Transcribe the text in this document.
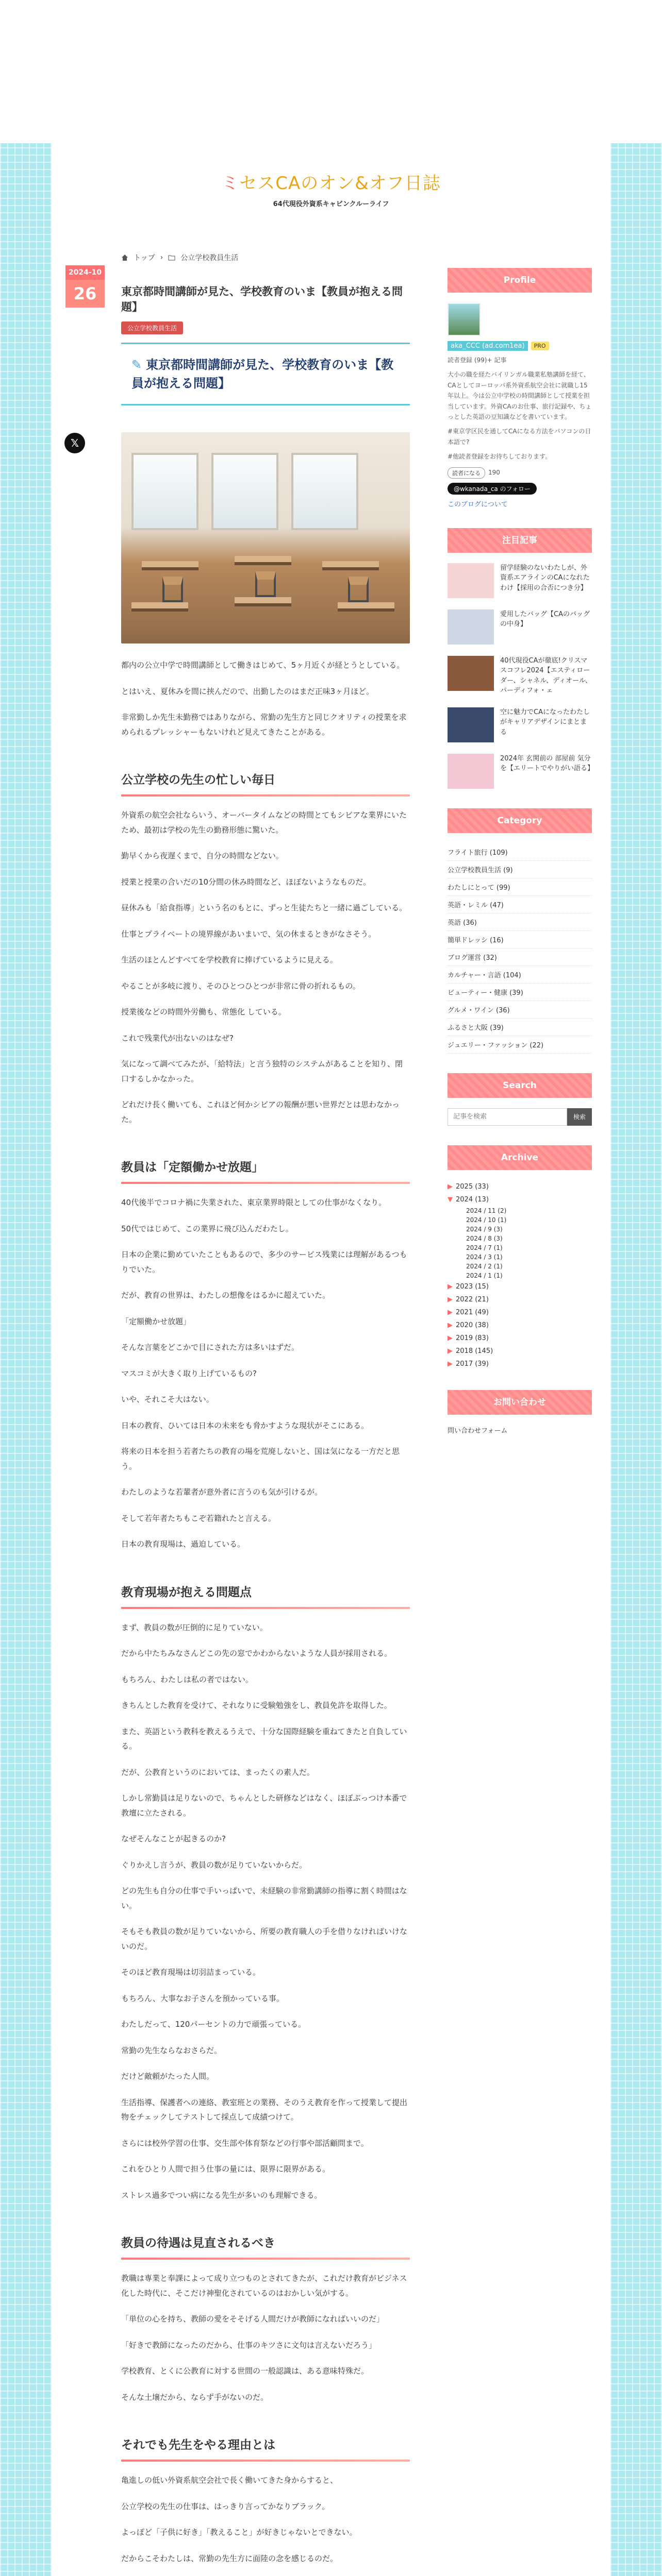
ミセスCAのオン&オフ日誌
64代現役外資系キャビンクルーライフ
トップ › 公立学校教員生活
2024-10
26
𝕏
東京都時間講師が見た、学校教育のいま【教員が抱える問題】
公立学校教員生活
✎ 東京都時間講師が見た、学校教育のいま【教員が抱える問題】

都内の公立中学で時間講師として働きはじめて、5ヶ月近くが経とうとしている。

とはいえ、夏休みを間に挟んだので、出勤したのはまだ正味3ヶ月ほど。

非常勤しか先生未勤務ではありながら、常勤の先生方と同じクオリティの授業を求められるプレッシャーもないけれど見えてきたことがある。

公立学校の先生の忙しい毎日

外資系の航空会社ならいう、オーバータイムなどの時間とてもシビアな業界にいたため、最初は学校の先生の勤務形態に驚いた。

勤早くから夜遅くまで、自分の時間などない。

授業と授業の合いだの10分間の休み時間など、ほぼないようなものだ。

昼休みも「給食指導」という名のもとに、ずっと生徒たちと一緒に過ごしている。

仕事とプライベートの境界線があいまいで、気の休まるときがなさそう。

生活のほとんどすべてを学校教育に捧げているように見える。

やることが多岐に渡り、そのひとつひとつが非常に骨の折れるもの。

授業後などの時間外労働も、常態化 している。

これで残業代が出ないのはなぜ?

気になって調べてみたが、「給特法」と言う独特のシステムがあることを知り、閉口するしかなかった。

どれだけ長く働いても、これほど何かシビアの報酬が悪い世界だとは思わなかった。

教員は「定額働かせ放題」

40代後半でコロナ禍に失業された、東京業界時限としての仕事がなくなり。

50代ではじめて、この業界に飛び込んだわたし。

日本の企業に勤めていたこともあるので、多少のサービス残業には理解があるつもりでいた。

だが、教育の世界は、わたしの想像をはるかに超えていた。

「定額働かせ放題」

そんな言葉をどこかで目にされた方は多いはずだ。

マスコミが大きく取り上げているもの?

いや、それこそ大はない。

日本の教育、ひいては日本の未来をも脅かすような現状がそこにある。

将来の日本を担う若者たちの教育の場を荒廃しないと、国は気になる一方だと思う。

わたしのような若輩者が意外者に言うのも気が引けるが。

そして若年者たちもこぞ若籍れたと言える。

日本の教育現場は、過迫している。

教育現場が抱える問題点

まず、教員の数が圧倒的に足りていない。

だから中たちみなさんどこの先の窓でかわからないような人員が採用される。

もちろん、わたしは私の者ではない。

きちんとした教育を受けて、それなりに受験勉強をし、教員免許を取得した。

また、英語という教科を教えるうえで、十分な国際経験を重ねてきたと自負している。

だが、公教育というのにおいては、まったくの素人だ。

しかし常勤員は足りないので、ちゃんとした研修などはなく、ほぼぶっつけ本番で教壇に立たされる。

なぜそんなことが起きるのか?

ぐりかえし言うが、教員の数が足りていないからだ。

どの先生も自分の仕事で手いっぱいで、未経験の非常勤講師の指導に割く時間はない。

そもそも教員の数が足りていないから、所要の教育職人の手を借りなければいけないのだ。

そのほど教育現場は切羽詰まっている。

もちろん、大事なお子さんを預かっている事。

わたしだって、120パーセントの力で頑張っている。

常勤の先生ならなおさらだ。

だけど敵頼がたった人間。

生活指導、保護者への連絡、教室班との業務、そのうえ教育を作って授業して提出物をチェックしてテストして採点して成績つけて。

さらには校外学習の仕事、交生部や体育祭などの行事や部活顧問まで。

これをひとり人間で担う仕事の量には、限界に限界がある。

ストレス過多でつい病になる先生が多いのも理解できる。

教員の待遇は見直されるべき

教職は専業と奉課によって成り立つものとされてきたが、これだけ教育がビジネス化した時代に、そこだけ神聖化されているのはおかしい気がする。

「単位の心を持ち、教師の愛をそそげる人間だけが教師になればいいのだ」

「好きで教師になったのだから、仕事のキツさに文句は言えないだろう」

学校教育、とくに公教育に対する世間の一般認識は、ある意味特殊だ。

そんな土壌だから、ならず手がないのだ。

それでも先生をやる理由とは

亀進しの低い外資系航空会社で長く働いてきた身からすると、

公立学校の先生の仕事は、はっきり言ってかなりブラック。

よっぽど「子供に好き」「教えること」が好きじゃないとできない。

だからこそわたしは、常勤の先生方に面陸の念を感じるのだ。

Profile
aka_CCC (ad.com1ea)	PRO
読者登録 (99)+ 記事
大小の職を経たバイリンガル職業私塾講師を経て、CAとしてヨーロッパ系外資系航空会社に就職し15年以上。今は公立中学校の時間講師として授業を担当しています。外資CAのお仕事、旅行記録や、ちょっとした英語の豆知識などを書いています。
#東京学区民を通してCAになる方法をパソコンの日本語で?
#他読者登録をお待ちしております。
読者になる	190
@wkanada_ca のフォロー
このブログについて
注目記事
留学経験のないわたしが、外資系エアラインのCAになれたわけ【採用の合否につき分】
愛用したバッグ【CAのバッグの中身】
40代現役CAが徹底!クリスマスコフレ2024【エスティローダー、シャネル、ディオール、パーディフォ・ェ
空に魅力でCAになったわたしがキャリアデザインにまとまる
2024年 玄関前の 部屋前 気分を【エリートでやりがい語る】
Category
フライト旅行 (109)
公立学校教員生活 (9)
わたしにとって (99)
英語・レミル (47)
英語 (36)
簡単ドレッシ (16)
ブログ運営 (32)
カルチャー・言語 (104)
ビューティー・健康 (39)
グルメ・ワイン (36)
ふるさと大阪 (39)
ジュエリー・ファッション (22)
Search
記事を検索
検索
Archive
▶ 2025 (33)
▼ 2024 (13)
2024 / 11 (2)
2024 / 10 (1)
2024 / 9 (3)
2024 / 8 (3)
2024 / 7 (1)
2024 / 3 (1)
2024 / 2 (1)
2024 / 1 (1)
▶ 2023 (15)
▶ 2022 (21)
▶ 2021 (49)
▶ 2020 (38)
▶ 2019 (83)
▶ 2018 (145)
▶ 2017 (39)
お問い合わせ
問い合わせフォーム
